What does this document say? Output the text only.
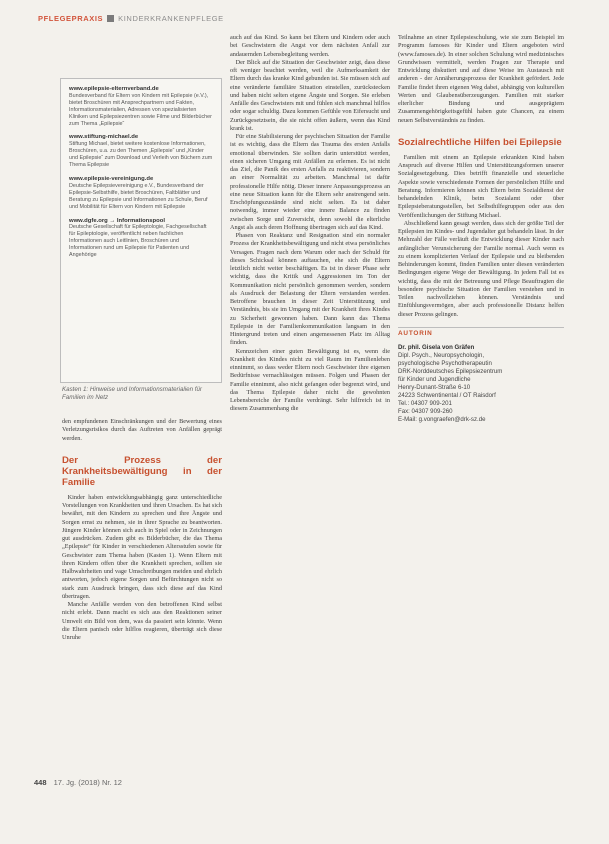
PFLEGEPRAXIS KINDERKRANKENPFLEGE
www.epilepsie-elternverband.de
Bundesverband für Eltern von Kindern mit Epilepsie (e.V.), bietet Broschüren mit Ansprechpartnern und Fakten, Informationsmaterialien, Adressen von spezialisierten Kliniken und Epilepsiezentren sowie Filme und Bilderbücher zum Thema „Epilepsie“
www.stiftung-michael.de
Stiftung Michael, bietet weitere kostenlose Informationen, Broschüren, u.a. zu den Themen „Epilepsie“ und „Kinder und Epilepsie“ zum Download und Verleih von Büchern zum Thema Epilepsie
www.epilepsie-vereinigung.de
Deutsche Epilepsievereinigung e.V., Bundesverband der Epilepsie-Selbsthilfe, bietet Broschüren, Faltblätter und Beratung zu Epilepsie und Informationen zu Schule, Beruf und Mobilität für Eltern von Kindern mit Epilepsie
www.dgfe.org → Informationspool
Deutsche Gesellschaft für Epileptologie, Fachgesellschaft für Epileptologie, veröffentlicht neben fachlichen Informationen auch Leitlinien, Broschüren und Informationen rund um Epilepsie für Patienten und Angehörige
Kasten 1: Hinweise und Informationsmaterialien für Familien im Netz

den empfundenen Einschränkungen und der Bewertung eines Verletzungsrisikos durch das Auftreten von Anfällen geprägt werden.

Der Prozess der Krankheitsbewältigung in der Familie

Kinder haben entwicklungsabhängig ganz unterschiedliche Vorstellungen von Krankheiten und ihren Ursachen. Es hat sich bewährt, mit den Kindern zu sprechen und ihre Ängste und Sorgen ernst zu nehmen, sie in ihrer Sprache zu beantworten. Jüngere Kinder können sich auch in Spiel oder in Zeichnungen gut ausdrücken. Zudem gibt es Bilderbücher, die das Thema „Epilepsie“ für Kinder in verschiedenen Altersstufen sowie für Geschwister zum Thema haben (Kasten 1). Wenn Eltern mit ihren Kindern offen über die Krankheit sprechen, sollten sie Halbwahrheiten und vage Umschreibungen meiden und ehrlich antworten, jedoch eigene Sorgen und Befürchtungen nicht so stark zum Ausdruck bringen, dass sich diese auf das Kind übertragen.

Manche Anfälle werden von den betroffenen Kind selbst nicht erlebt. Dann macht es sich aus den Reaktionen seiner Umwelt ein Bild von dem, was da passiert sein könnte. Wenn die Eltern panisch oder hilflos reagieren, überträgt sich diese Unruhe

auch auf das Kind. So kann bei Eltern und Kindern oder auch bei Geschwistern die Angst vor dem nächsten Anfall zur andauernden Lebensbegleitung werden.

Der Blick auf die Situation der Geschwister zeigt, dass diese oft weniger beachtet werden, weil die Aufmerksamkeit der Eltern durch das kranke Kind gebunden ist. Sie müssen sich auf eine veränderte familiäre Situation einstellen, zurückstecken und haben nicht selten eigene Ängste und Sorgen. Sie erleben Anfälle des Geschwisters mit und fühlen sich manchmal hilflos oder sogar schuldig. Dazu kommen Gefühle von Eifersucht und Zurückgesetztsein, die sie nicht offen äußern, wenn das Kind krank ist.

Für eine Stabilisierung der psychischen Situation der Familie ist es wichtig, dass die Eltern das Trauma des ersten Anfalls emotional überwinden. Sie sollten darin unterstützt werden, einen sicheren Umgang mit Anfällen zu erlernen. Es ist nicht das Ziel, die Panik des ersten Anfalls zu reaktivieren, sondern an einer Normalität zu arbeiten. Manchmal ist dafür professionelle Hilfe nötig. Dieser innere Anpassungsprozess an eine neue Situation kann für die Eltern sehr anstrengend sein. Erschöpfungszustände sind nicht selten. Es ist daher notwendig, immer wieder eine innere Balance zu finden zwischen Sorge und Zuversicht, denn sowohl die elterliche Angst als auch deren Hoffnung übertragen sich auf das Kind.

Phasen von Reaktanz und Resignation sind ein normaler Prozess der Krankheitsbewältigung und nicht etwa persönliches Versagen. Fragen nach dem Warum oder nach der Schuld für dieses Schicksal können auftauchen, ehe sich die Eltern letztlich nicht weiter beschäftigen. Es ist in dieser Phase sehr wichtig, dass die Kritik und Aggressionen im Ton der Kommunikation nicht persönlich genommen werden, sondern als Ausdruck der Belastung der Eltern verstanden werden. Betroffene brauchen in dieser Zeit Unterstützung und Verständnis, bis sie im Umgang mit der Krankheit ihres Kindes zu Sicherheit gewonnen haben. Dann kann das Thema Epilepsie in der Familienkommunikation langsam in den Hintergrund treten und einen angemessenen Platz im Alltag finden.

Kennzeichen einer guten Bewältigung ist es, wenn die Krankheit des Kindes nicht zu viel Raum im Familienleben einnimmt, so dass weder Eltern noch Geschwister ihre eigenen Bedürfnisse vernachlässigen müssen. Folgen und Phasen der Familie einnimmt, also nicht gefangen oder begrenzt wird, und das Thema Epilepsie daher nicht die gewohnten Lebensbereiche der Familie verdrängt. Sehr hilfreich ist in diesem Zusammenhang die

Teilnahme an einer Epilepsieschulung, wie sie zum Beispiel im Programm famoses für Kinder und Eltern angeboten wird (www.famoses.de). In einer solchen Schulung wird medizinisches Grundwissen vermittelt, werden Fragen zur Therapie und Entwicklung diskutiert und auf diese Weise im Austausch mit anderen - der Annäherungsprozess der Krankheit gefördert. Jede Familie findet ihren eigenen Weg dabei, abhängig von kulturellen Werten und Glaubensüberzeugungen. Familien mit starker elterlicher Bindung und ausgeprägtem Zusammengehörigkeitsgefühl haben gute Chancen, zu einem neuen Selbstverständnis zu finden.

Sozialrechtliche Hilfen bei Epilepsie

Familien mit einem an Epilepsie erkrankten Kind haben Anspruch auf diverse Hilfen und Unterstützungsformen unserer Sozialgesetzgebung. Dies betrifft finanzielle und steuerliche Aspekte sowie verschiedenste Formen der persönlichen Hilfe und Beratung. Informieren können sich Eltern beim Sozialdienst der behandelnden Klinik, beim Sozialamt oder über Epilepsieberatungsstellen, bei Selbsthilfegruppen oder aus den Veröffentlichungen der Stiftung Michael.

Abschließend kann gesagt werden, dass sich der größte Teil der Epilepsien im Kindes- und Jugendalter gut behandeln lässt. In der Mehrzahl der Fälle verläuft die Entwicklung dieser Kinder nach anfänglicher Verunsicherung der Familie normal. Auch wenn es zu einem komplizierten Verlauf der Epilepsie und zu bleibenden Behinderungen kommt, finden Familien unter diesen veränderten Bedingungen eigene Wege der Bewältigung. In jedem Fall ist es wichtig, dass die mit der Betreuung und Pflege Beauftragten die besondere psychische Situation der Familien verstehen und in Teilen nachvollziehen können. Verständnis und Einfühlungsvermögen, aber auch professionelle Distanz helfen dieser Prozess gelingen.

AUTORIN
Dr. phil. Gisela von Gräfen
Dipl. Psych., Neuropsychologin,
psychologische Psychotherapeutin
DRK-Norddeutsches Epilepsiezentrum
für Kinder und Jugendliche
Henry-Dunant-Straße 6-10
24223 Schwentinental / OT Raisdorf
Tel.: 04307 909-201
Fax: 04307 909-260
E-Mail: g.vongraefen@drk-sz.de
448 17. Jg. (2018) Nr. 12
